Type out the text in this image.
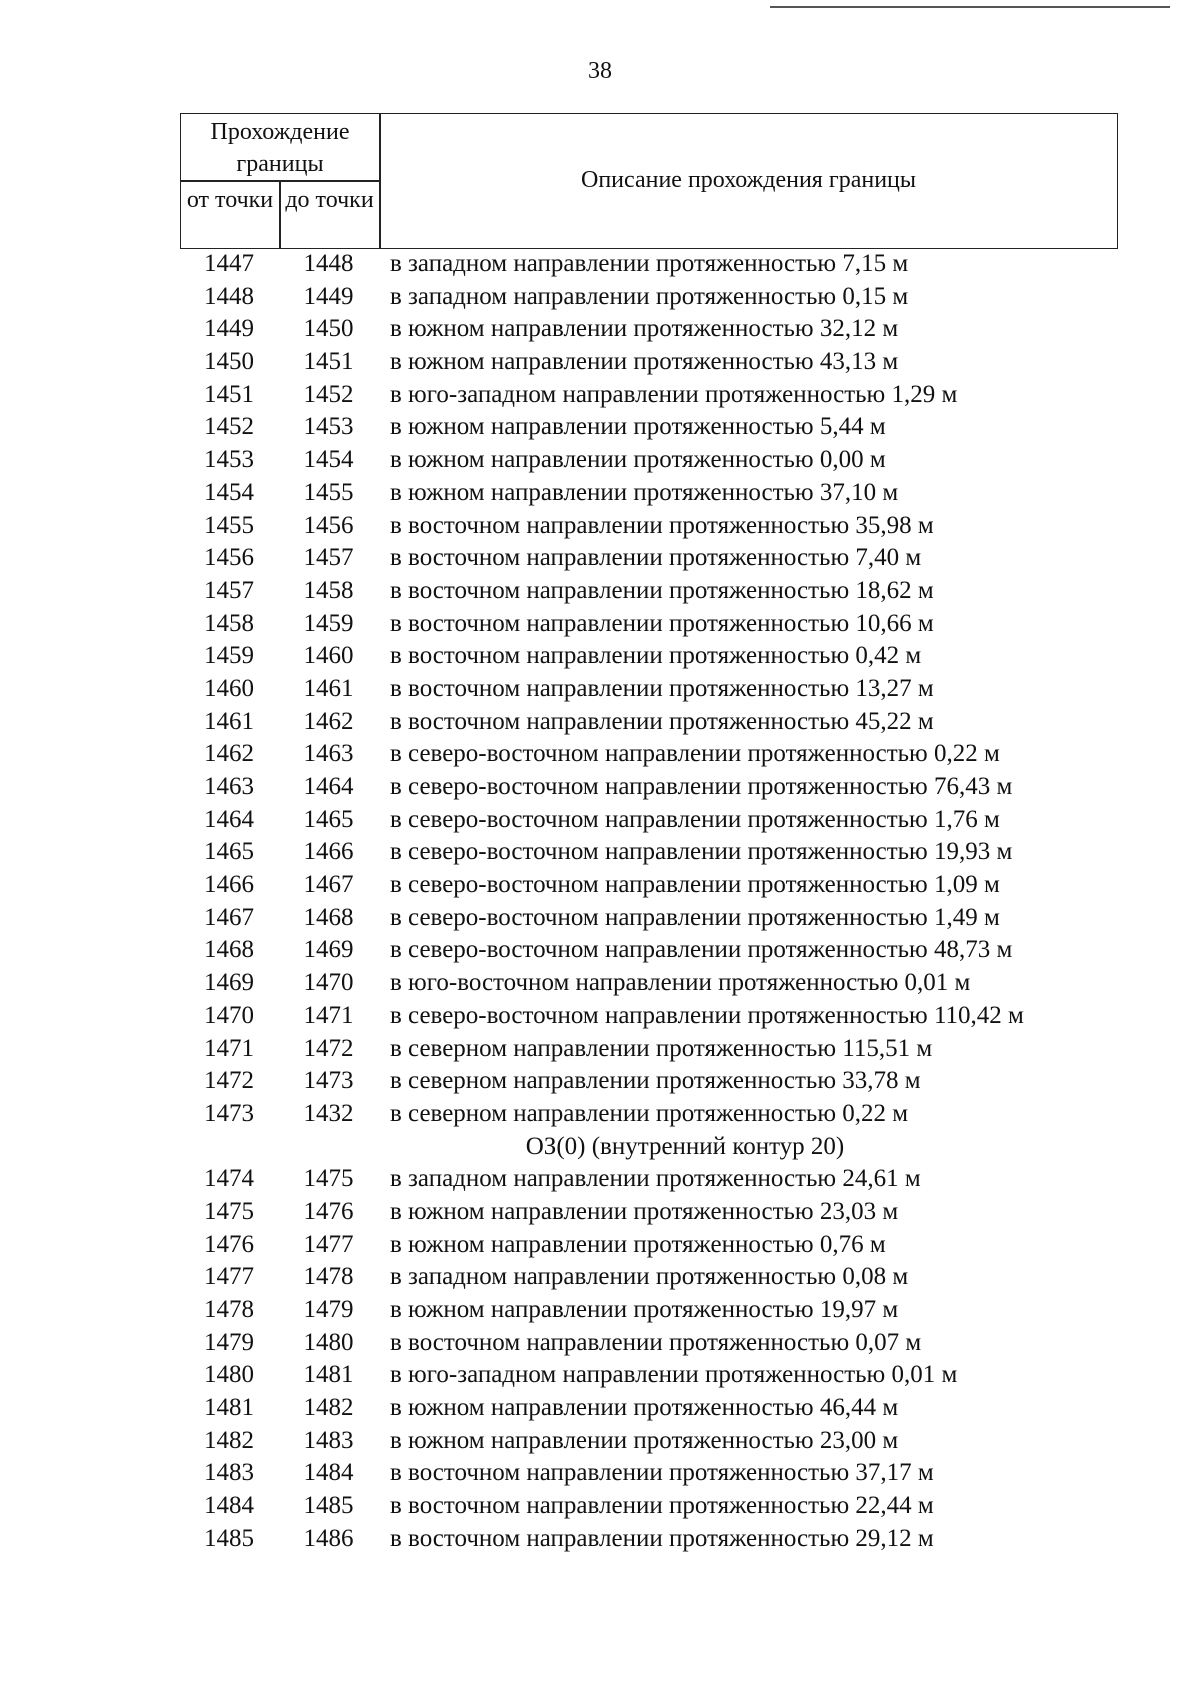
38
Прохождение границы
от точки до точки
Описание прохождения границы
1447	1448	в западном направлении протяженностью 7,15 м
1448	1449	в западном направлении протяженностью 0,15 м
1449	1450	в южном направлении протяженностью 32,12 м
1450	1451	в южном направлении протяженностью 43,13 м
1451	1452	в юго-западном направлении протяженностью 1,29 м
1452	1453	в южном направлении протяженностью 5,44 м
1453	1454	в южном направлении протяженностью 0,00 м
1454	1455	в южном направлении протяженностью 37,10 м
1455	1456	в восточном направлении протяженностью 35,98 м
1456	1457	в восточном направлении протяженностью 7,40 м
1457	1458	в восточном направлении протяженностью 18,62 м
1458	1459	в восточном направлении протяженностью 10,66 м
1459	1460	в восточном направлении протяженностью 0,42 м
1460	1461	в восточном направлении протяженностью 13,27 м
1461	1462	в восточном направлении протяженностью 45,22 м
1462	1463	в северо-восточном направлении протяженностью 0,22 м
1463	1464	в северо-восточном направлении протяженностью 76,43 м
1464	1465	в северо-восточном направлении протяженностью 1,76 м
1465	1466	в северо-восточном направлении протяженностью 19,93 м
1466	1467	в северо-восточном направлении протяженностью 1,09 м
1467	1468	в северо-восточном направлении протяженностью 1,49 м
1468	1469	в северо-восточном направлении протяженностью 48,73 м
1469	1470	в юго-восточном направлении протяженностью 0,01 м
1470	1471	в северо-восточном направлении протяженностью 110,42 м
1471	1472	в северном направлении протяженностью 115,51 м
1472	1473	в северном направлении протяженностью 33,78 м
1473	1432	в северном направлении протяженностью 0,22 м
ОЗ(0) (внутренний контур 20)
1474	1475	в западном направлении протяженностью 24,61 м
1475	1476	в южном направлении протяженностью 23,03 м
1476	1477	в южном направлении протяженностью 0,76 м
1477	1478	в западном направлении протяженностью 0,08 м
1478	1479	в южном направлении протяженностью 19,97 м
1479	1480	в восточном направлении протяженностью 0,07 м
1480	1481	в юго-западном направлении протяженностью 0,01 м
1481	1482	в южном направлении протяженностью 46,44 м
1482	1483	в южном направлении протяженностью 23,00 м
1483	1484	в восточном направлении протяженностью 37,17 м
1484	1485	в восточном направлении протяженностью 22,44 м
1485	1486	в восточном направлении протяженностью 29,12 м
